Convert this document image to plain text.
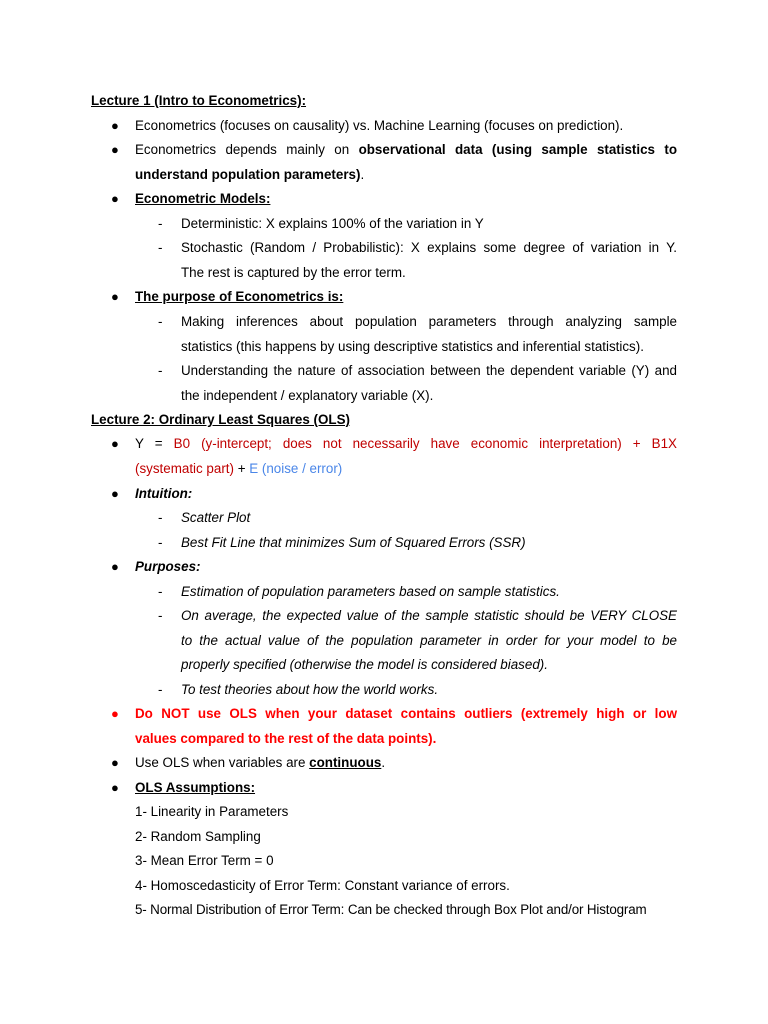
Lecture 1 (Intro to Econometrics):
● Econometrics (focuses on causality) vs. Machine Learning (focuses on prediction).
● Econometrics depends mainly on observational data (using sample statistics to
understand population parameters).
● Econometric Models:
- Deterministic: X explains 100% of the variation in Y
- Stochastic (Random / Probabilistic): X explains some degree of variation in Y.
The rest is captured by the error term.
● The purpose of Econometrics is:
- Making inferences about population parameters through analyzing sample
statistics (this happens by using descriptive statistics and inferential statistics).
- Understanding the nature of association between the dependent variable (Y) and
the independent / explanatory variable (X).
Lecture 2: Ordinary Least Squares (OLS)
● Y = B0 (y-intercept; does not necessarily have economic interpretation) + B1X
(systematic part) + E (noise / error)
● Intuition:
- Scatter Plot
- Best Fit Line that minimizes Sum of Squared Errors (SSR)
● Purposes:
- Estimation of population parameters based on sample statistics.
- On average, the expected value of the sample statistic should be VERY CLOSE
to the actual value of the population parameter in order for your model to be
properly specified (otherwise the model is considered biased).
- To test theories about how the world works.
● Do NOT use OLS when your dataset contains outliers (extremely high or low
values compared to the rest of the data points).
● Use OLS when variables are continuous.
● OLS Assumptions:
1- Linearity in Parameters
2- Random Sampling
3- Mean Error Term = 0
4- Homoscedasticity of Error Term: Constant variance of errors.
5- Normal Distribution of Error Term: Can be checked through Box Plot and/or Histogram
